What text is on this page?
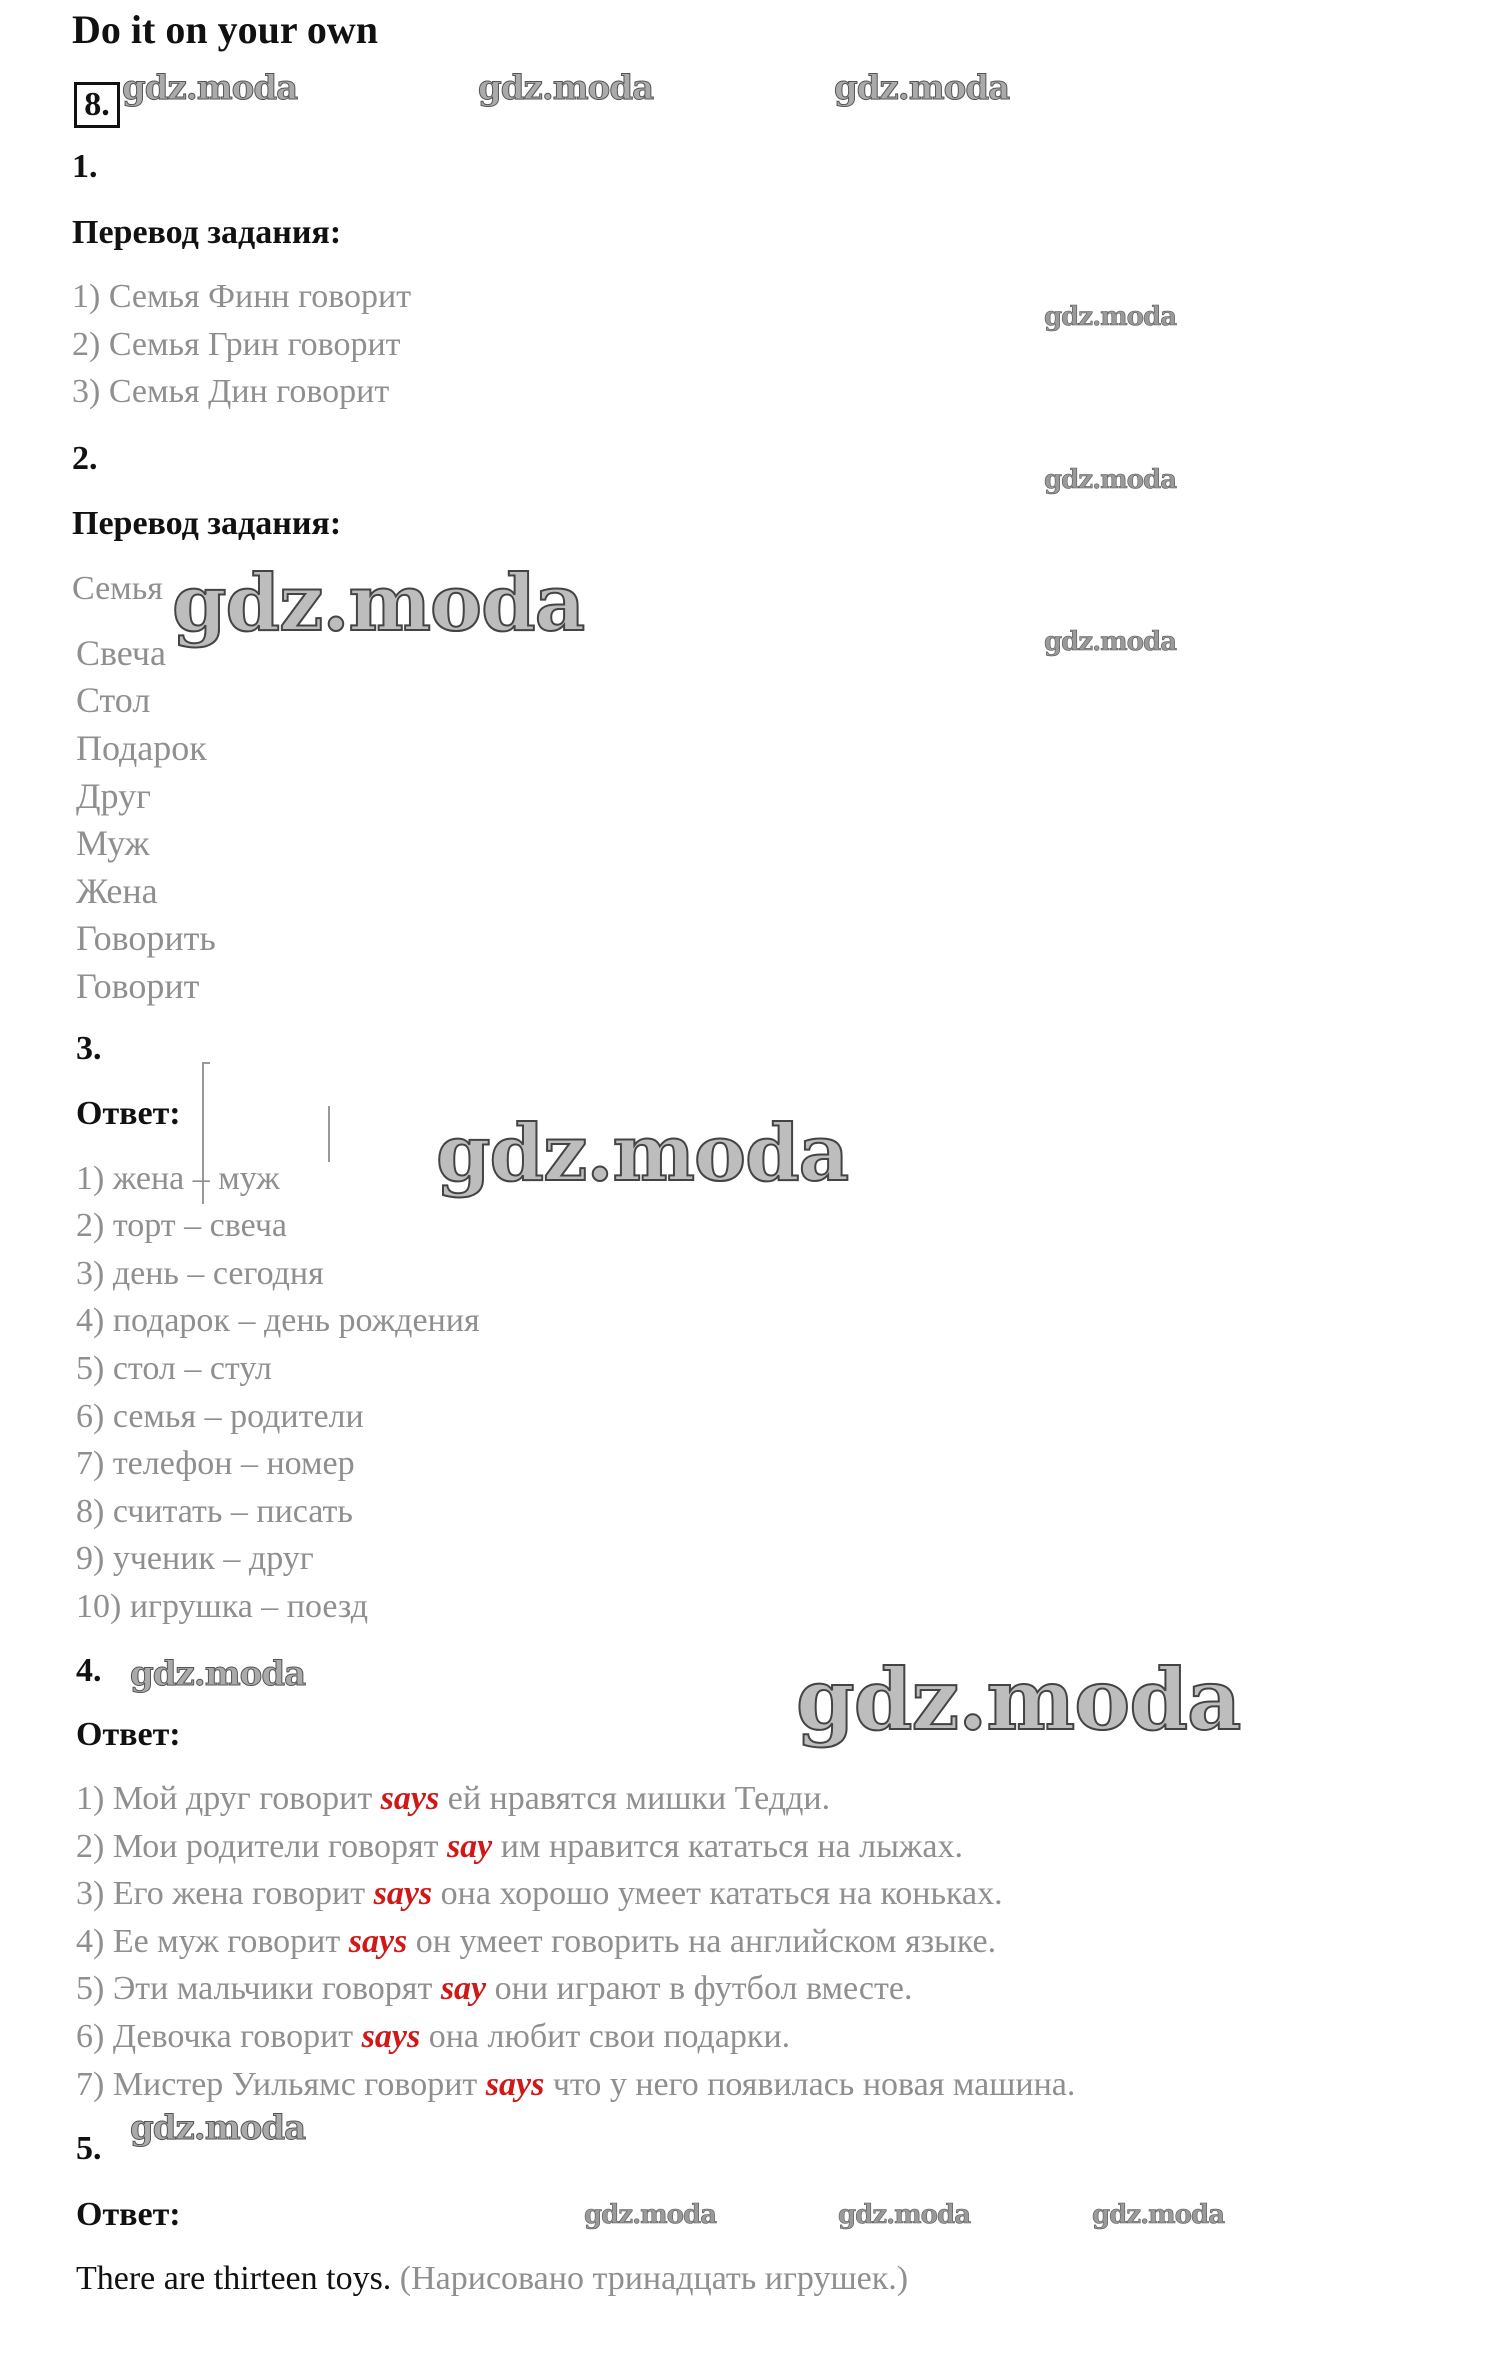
Do it on your own
8. gdz.moda	gdz.moda	gdz.moda
1.
Перевод задания:
1) Семья Финн говорит
2) Семья Грин говорит
3) Семья Дин говорит
gdz.moda
gdz.moda
gdz.moda
2.
Перевод задания:
Семья
Свеча
Стол
Подарок
Друг
Муж
Жена
Говорить
Говорит
gdz.moda
3.
Ответ:
1) жена – муж
2) торт – свеча
3) день – сегодня
4) подарок – день рождения
5) стол – стул
6) семья – родители
7) телефон – номер
8) считать – писать
9) ученик – друг
10) игрушка – поезд
gdz.moda
4. gdz.moda	gdz.moda
Ответ:
1) Мой друг говорит says ей нравятся мишки Тедди.
2) Мои родители говорят say им нравится кататься на лыжах.
3) Его жена говорит says она хорошо умеет кататься на коньках.
4) Ее муж говорит says он умеет говорить на английском языке.
5) Эти мальчики говорят say они играют в футбол вместе.
6) Девочка говорит says она любит свои подарки.
7) Мистер Уильямс говорит says что у него появилась новая машина.
5.
gdz.moda
Ответ:	gdz.moda	gdz.moda	gdz.moda
There are thirteen toys. (Нарисовано тринадцать игрушек.)
